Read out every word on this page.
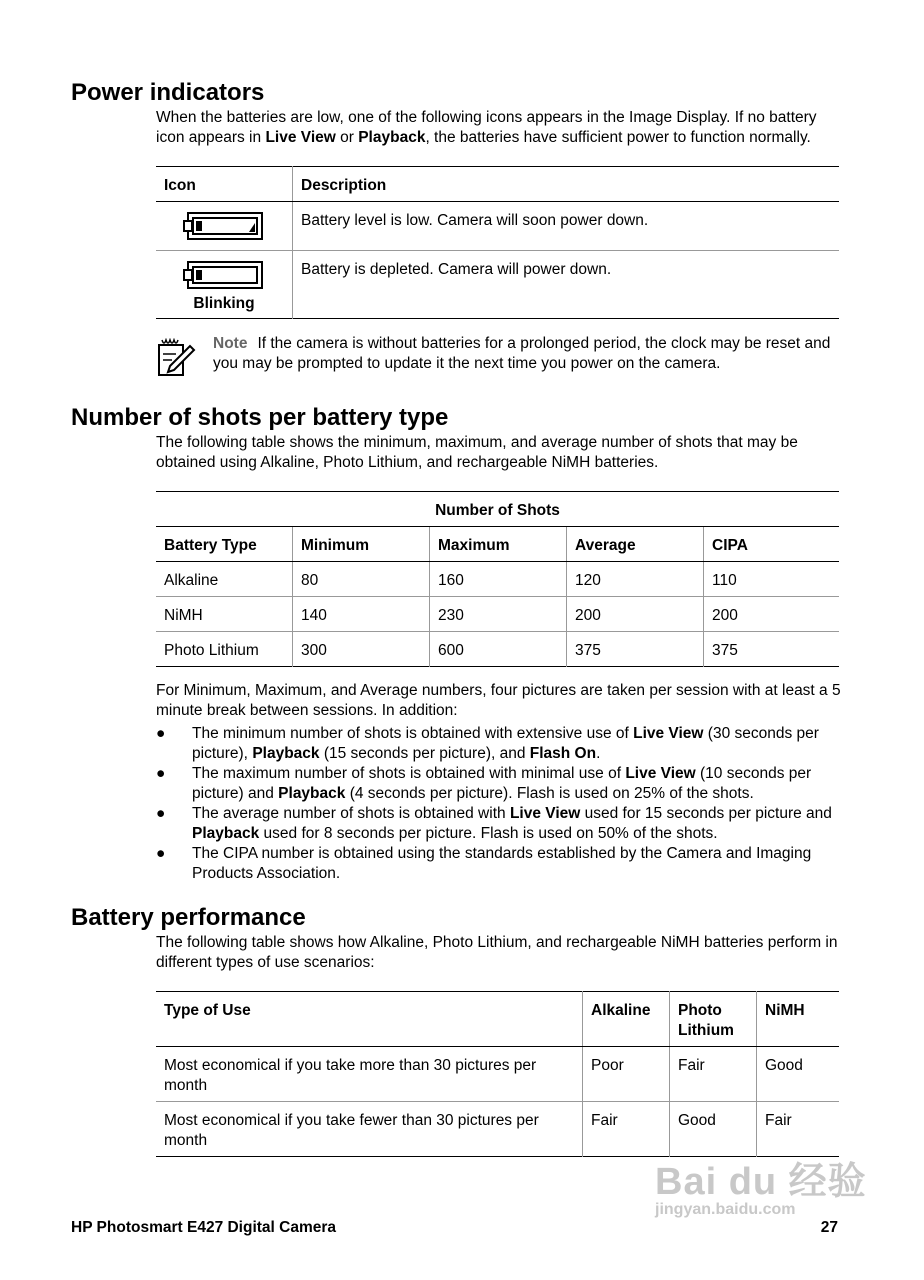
Power indicators

When the batteries are low, one of the following icons appears in the Image Display. If no battery icon appears in Live View or Playback, the batteries have sufficient power to function normally.

Icon	Description
	Battery level is low. Camera will soon power down.

Blinking	Battery is depleted. Camera will power down.
Note If the camera is without batteries for a prolonged period, the clock may be reset and you may be prompted to update it the next time you power on the camera.
Number of shots per battery type

The following table shows the minimum, maximum, and average number of shots that may be obtained using Alkaline, Photo Lithium, and rechargeable NiMH batteries.

Number of Shots				
Battery Type	Minimum	Maximum	Average	CIPA
Alkaline	80	160	120	110
NiMH	140	230	200	200
Photo Lithium	300	600	375	375

For Minimum, Maximum, and Average numbers, four pictures are taken per session with at least a 5 minute break between sessions. In addition:

● The minimum number of shots is obtained with extensive use of Live View (30 seconds per picture), Playback (15 seconds per picture), and Flash On.
● The maximum number of shots is obtained with minimal use of Live View (10 seconds per picture) and Playback (4 seconds per picture). Flash is used on 25% of the shots.
● The average number of shots is obtained with Live View used for 15 seconds per picture and Playback used for 8 seconds per picture. Flash is used on 50% of the shots.
● The CIPA number is obtained using the standards established by the Camera and Imaging Products Association.
Battery performance

The following table shows how Alkaline, Photo Lithium, and rechargeable NiMH batteries perform in different types of use scenarios:

Type of Use	Alkaline	Photo Lithium	NiMH
Most economical if you take more than 30 pictures per month	Poor	Fair	Good
Most economical if you take fewer than 30 pictures per month	Fair	Good	Fair
Bai du 经验
jingyan.baidu.com
HP Photosmart E427 Digital Camera	27
